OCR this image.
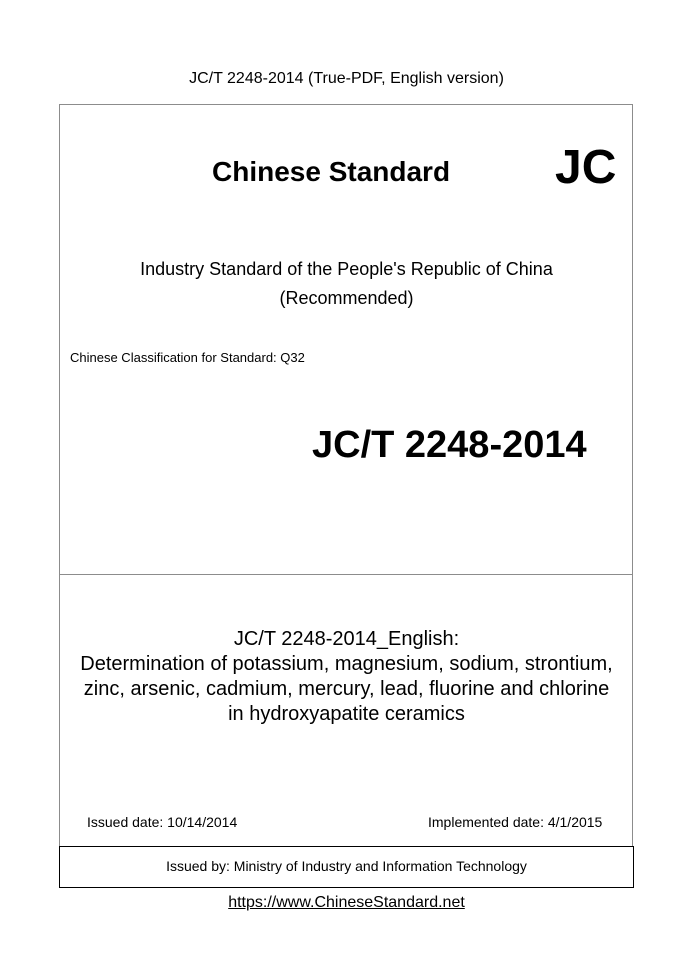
JC/T 2248-2014 (True-PDF, English version)
Chinese Standard JC
Industry Standard of the People's Republic of China
(Recommended)
Chinese Classification for Standard: Q32
JC/T 2248-2014
JC/T 2248-2014_English:
Determination of potassium, magnesium, sodium, strontium,
zinc, arsenic, cadmium, mercury, lead, fluorine and chlorine
in hydroxyapatite ceramics
Issued date: 10/14/2014	Implemented date: 4/1/2015
Issued by: Ministry of Industry and Information Technology
https://www.ChineseStandard.net
